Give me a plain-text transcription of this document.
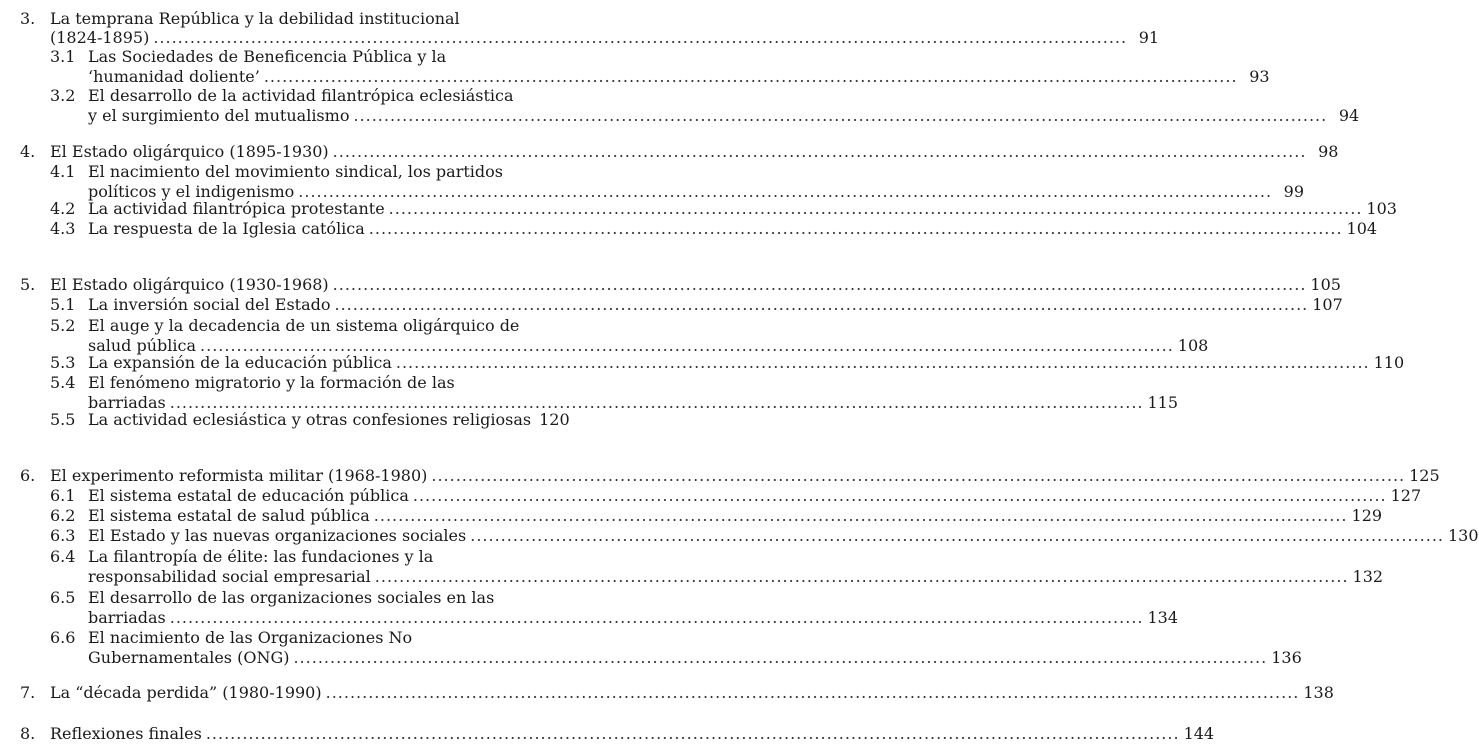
3. La temprana República y la debilidad institucional
(1824-1895) .....	91
3.1 Las Sociedades de Beneficencia Pública y la
‘humanidad doliente’ .....	93
3.2 El desarrollo de la actividad filantrópica eclesiástica
y el surgimiento del mutualismo .....	94
4. El Estado oligárquico (1895-1930) .....	98
4.1 El nacimiento del movimiento sindical, los partidos
políticos y el indigenismo .....	99
4.2 La actividad filantrópica protestante .....	103
4.3 La respuesta de la Iglesia católica .....	104
5. El Estado oligárquico (1930-1968) .....	105
5.1 La inversión social del Estado .....	107
5.2 El auge y la decadencia de un sistema oligárquico de
salud pública .....	108
5.3 La expansión de la educación pública .....	110
5.4 El fenómeno migratorio y la formación de las
barriadas .....	115
5.5 La actividad eclesiástica y otras confesiones religiosas 120
6. El experimento reformista militar (1968-1980) .....	125
6.1 El sistema estatal de educación pública .....	127
6.2 El sistema estatal de salud pública .....	129
6.3 El Estado y las nuevas organizaciones sociales .....	130
6.4 La filantropía de élite: las fundaciones y la
responsabilidad social empresarial .....	132
6.5 El desarrollo de las organizaciones sociales en las
barriadas .....	134
6.6 El nacimiento de las Organizaciones No
Gubernamentales (ONG) .....	136
7. La “década perdida” (1980-1990) .....	138
8. Reflexiones finales .....	144
